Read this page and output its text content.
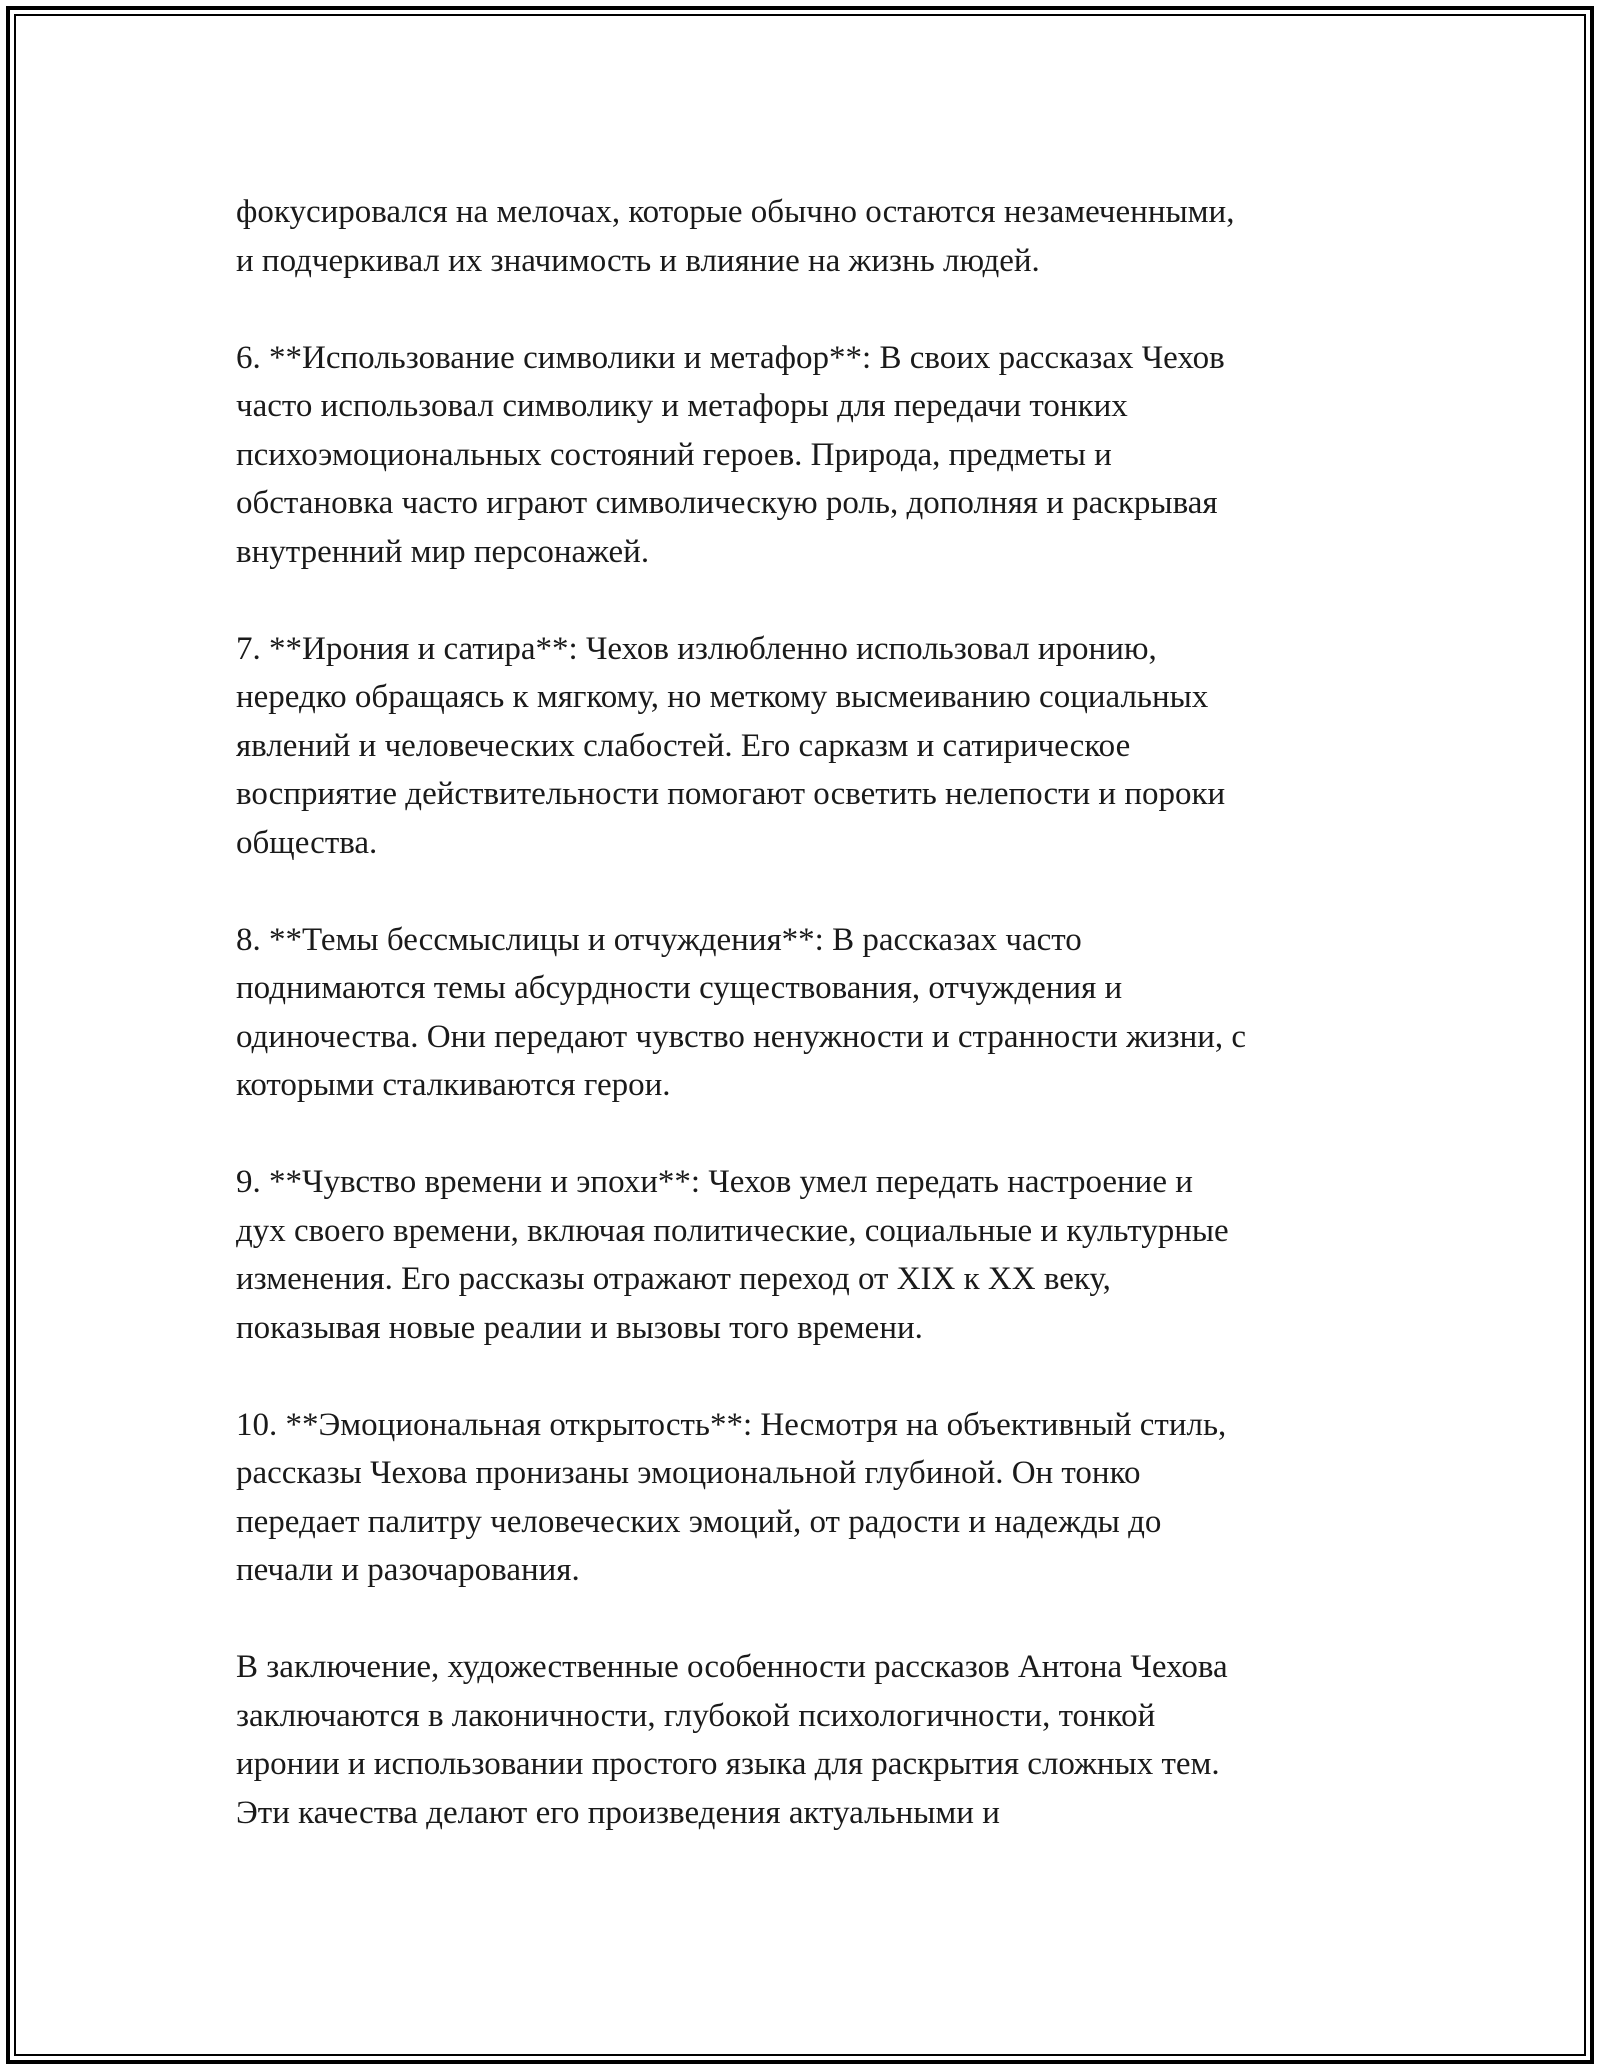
фокусировался на мелочах, которые обычно остаются незамеченными,
и подчеркивал их значимость и влияние на жизнь людей.

6. **Использование символики и метафор**: В своих рассказах Чехов
часто использовал символику и метафоры для передачи тонких
психоэмоциональных состояний героев. Природа, предметы и
обстановка часто играют символическую роль, дополняя и раскрывая
внутренний мир персонажей.

7. **Ирония и сатира**: Чехов излюбленно использовал иронию,
нередко обращаясь к мягкому, но меткому высмеиванию социальных
явлений и человеческих слабостей. Его сарказм и сатирическое
восприятие действительности помогают осветить нелепости и пороки
общества.

8. **Темы бессмыслицы и отчуждения**: В рассказах часто
поднимаются темы абсурдности существования, отчуждения и
одиночества. Они передают чувство ненужности и странности жизни, с
которыми сталкиваются герои.

9. **Чувство времени и эпохи**: Чехов умел передать настроение и
дух своего времени, включая политические, социальные и культурные
изменения. Его рассказы отражают переход от XIX к XX веку,
показывая новые реалии и вызовы того времени.

10. **Эмоциональная открытость**: Несмотря на объективный стиль,
рассказы Чехова пронизаны эмоциональной глубиной. Он тонко
передает палитру человеческих эмоций, от радости и надежды до
печали и разочарования.

В заключение, художественные особенности рассказов Антона Чехова
заключаются в лаконичности, глубокой психологичности, тонкой
иронии и использовании простого языка для раскрытия сложных тем.
Эти качества делают его произведения актуальными и
